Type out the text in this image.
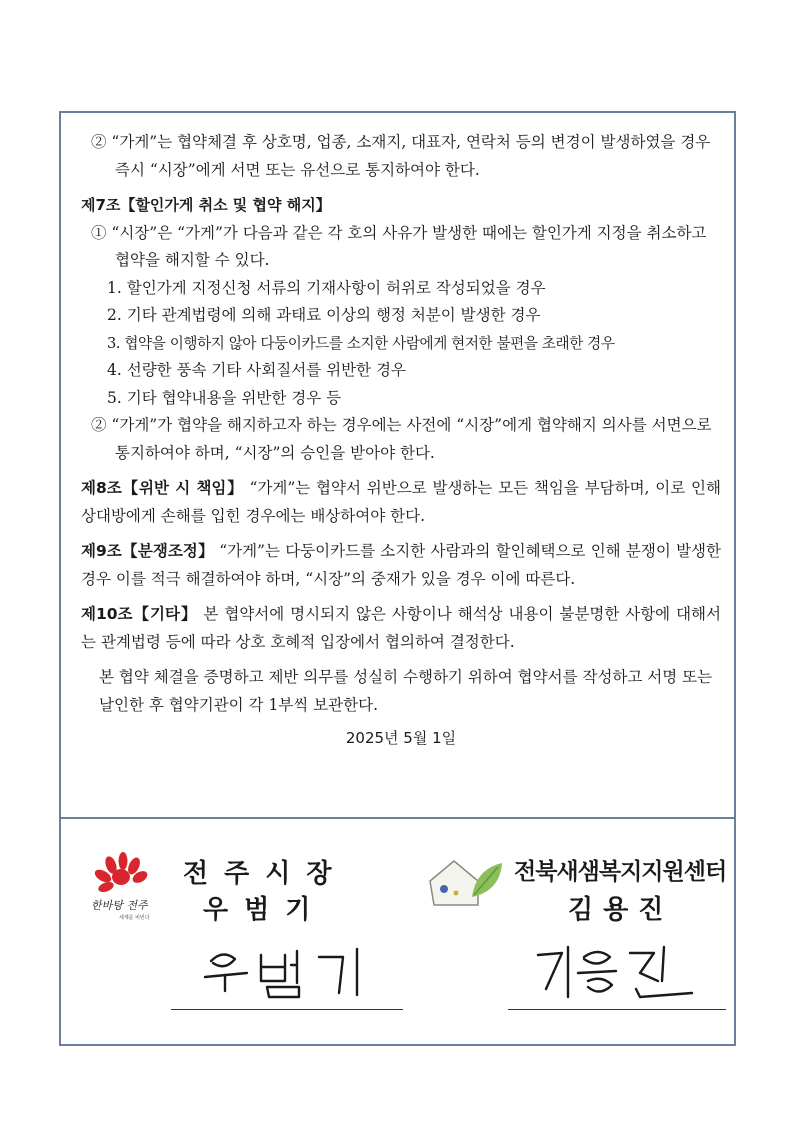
② “가게”는 협약체결 후 상호명, 업종, 소재지, 대표자, 연락처 등의 변경이 발생하였을 경우 즉시 “시장”에게 서면 또는 유선으로 통지하여야 한다.

제7조【할인가게 취소 및 협약 해지】

① “시장”은 “가게”가 다음과 같은 각 호의 사유가 발생한 때에는 할인가게 지정을 취소하고 협약을 해지할 수 있다.

1. 할인가게 지정신청 서류의 기재사항이 허위로 작성되었을 경우

2. 기타 관계법령에 의해 과태료 이상의 행정 처분이 발생한 경우

3. 협약을 이행하지 않아 다둥이카드를 소지한 사람에게 현저한 불편을 초래한 경우

4. 선량한 풍속 기타 사회질서를 위반한 경우

5. 기타 협약내용을 위반한 경우 등

② “가게”가 협약을 해지하고자 하는 경우에는 사전에 “시장”에게 협약해지 의사를 서면으로 통지하여야 하며, “시장”의 승인을 받아야 한다.

제8조【위반 시 책임】 “가게”는 협약서 위반으로 발생하는 모든 책임을 부담하며, 이로 인해 상대방에게 손해를 입힌 경우에는 배상하여야 한다.

제9조【분쟁조정】 “가게”는 다둥이카드를 소지한 사람과의 할인혜택으로 인해 분쟁이 발생한 경우 이를 적극 해결하여야 하며, “시장”의 중재가 있을 경우 이에 따른다.

제10조【기타】 본 협약서에 명시되지 않은 사항이나 해석상 내용이 불분명한 사항에 대해서는 관계법령 등에 따라 상호 호혜적 입장에서 협의하여 결정한다.

본 협약 체결을 증명하고 제반 의무를 성실히 수행하기 위하여 협약서를 작성하고 서명 또는 날인한 후 협약기관이 각 1부씩 보관한다.

2025년 5월 1일

한바탕 전주
세계를 비빈다
전주시장
우범기
전북새샘복지지원센터
김용진
